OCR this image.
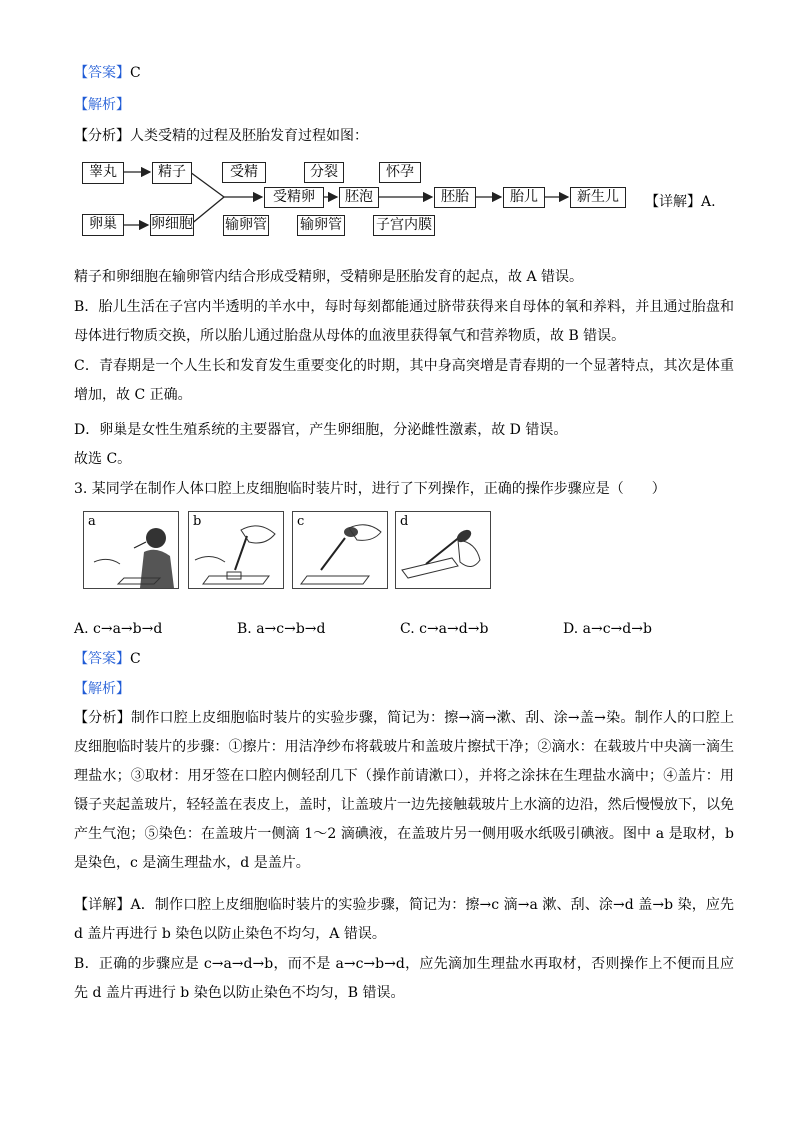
【答案】C
【解析】
【分析】人类受精的过程及胚胎发育过程如图：
睾丸	精子
卵巢	卵细胞
受精
受精卵
输卵管
分裂
胚泡
输卵管
怀孕
胚胎
子宫内膜
胎儿	新生儿	【详解】A.
精子和卵细胞在输卵管内结合形成受精卵，受精卵是胚胎发育的起点，故 A 错误。
B．胎儿生活在子宫内半透明的羊水中，每时每刻都能通过脐带获得来自母体的氧和养料，并且通过胎盘和母体进行物质交换，所以胎儿通过胎盘从母体的血液里获得氧气和营养物质，故 B 错误。
C．青春期是一个人生长和发育发生重要变化的时期，其中身高突增是青春期的一个显著特点，其次是体重增加，故 C 正确。
D．卵巢是女性生殖系统的主要器官，产生卵细胞，分泌雌性激素，故 D 错误。
故选 C。
3. 某同学在制作人体口腔上皮细胞临时装片时，进行了下列操作，正确的操作步骤应是（　　）
a	b	c	d
A. c→a→b→d	B. a→c→b→d	C. c→a→d→b	D. a→c→d→b
【答案】C
【解析】
【分析】制作口腔上皮细胞临时装片的实验步骤，简记为：擦→滴→漱、刮、涂→盖→染。制作人的口腔上皮细胞临时装片的步骤：①擦片：用洁净纱布将载玻片和盖玻片擦拭干净；②滴水：在载玻片中央滴一滴生理盐水；③取材：用牙签在口腔内侧轻刮几下（操作前请漱口），并将之涂抹在生理盐水滴中；④盖片：用镊子夹起盖玻片，轻轻盖在表皮上，盖时，让盖玻片一边先接触载玻片上水滴的边沿，然后慢慢放下，以免产生气泡；⑤染色：在盖玻片一侧滴 1～2 滴碘液，在盖玻片另一侧用吸水纸吸引碘液。图中 a 是取材，b 是染色，c 是滴生理盐水，d 是盖片。
【详解】A．制作口腔上皮细胞临时装片的实验步骤，简记为：擦→c 滴→a 漱、刮、涂→d 盖→b 染，应先 d 盖片再进行 b 染色以防止染色不均匀，A 错误。
B．正确的步骤应是 c→a→d→b，而不是 a→c→b→d，应先滴加生理盐水再取材，否则操作上不便而且应先 d 盖片再进行 b 染色以防止染色不均匀，B 错误。
